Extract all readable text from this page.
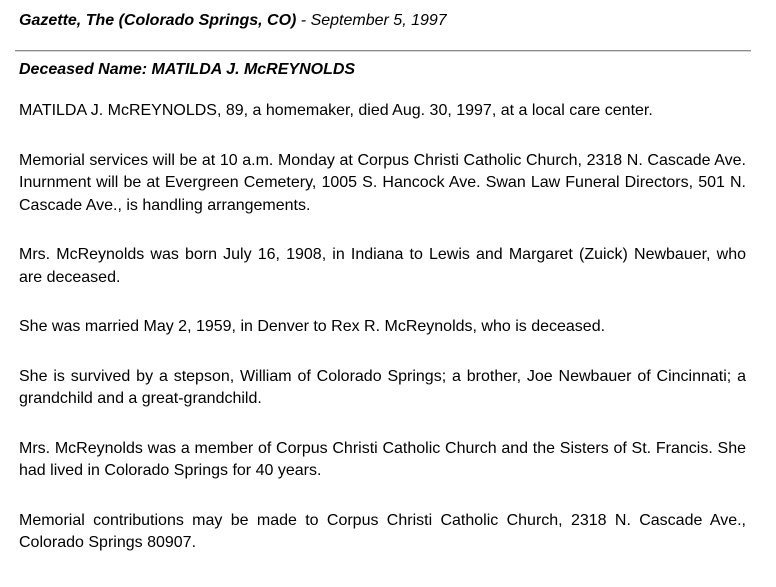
Gazette, The (Colorado Springs, CO) - September 5, 1997
Deceased Name: MATILDA J. McREYNOLDS

MATILDA J. McREYNOLDS, 89, a homemaker, died Aug. 30, 1997, at a local care center.

Memorial services will be at 10 a.m. Monday at Corpus Christi Catholic Church, 2318 N. Cascade Ave. Inurnment will be at Evergreen Cemetery, 1005 S. Hancock Ave. Swan Law Funeral Directors, 501 N. Cascade Ave., is handling arrangements.

Mrs. McReynolds was born July 16, 1908, in Indiana to Lewis and Margaret (Zuick) Newbauer, who are deceased.

She was married May 2, 1959, in Denver to Rex R. McReynolds, who is deceased.

She is survived by a stepson, William of Colorado Springs; a brother, Joe Newbauer of Cincinnati; a grandchild and a great-grandchild.

Mrs. McReynolds was a member of Corpus Christi Catholic Church and the Sisters of St. Francis. She had lived in Colorado Springs for 40 years.

Memorial contributions may be made to Corpus Christi Catholic Church, 2318 N. Cascade Ave., Colorado Springs 80907.
